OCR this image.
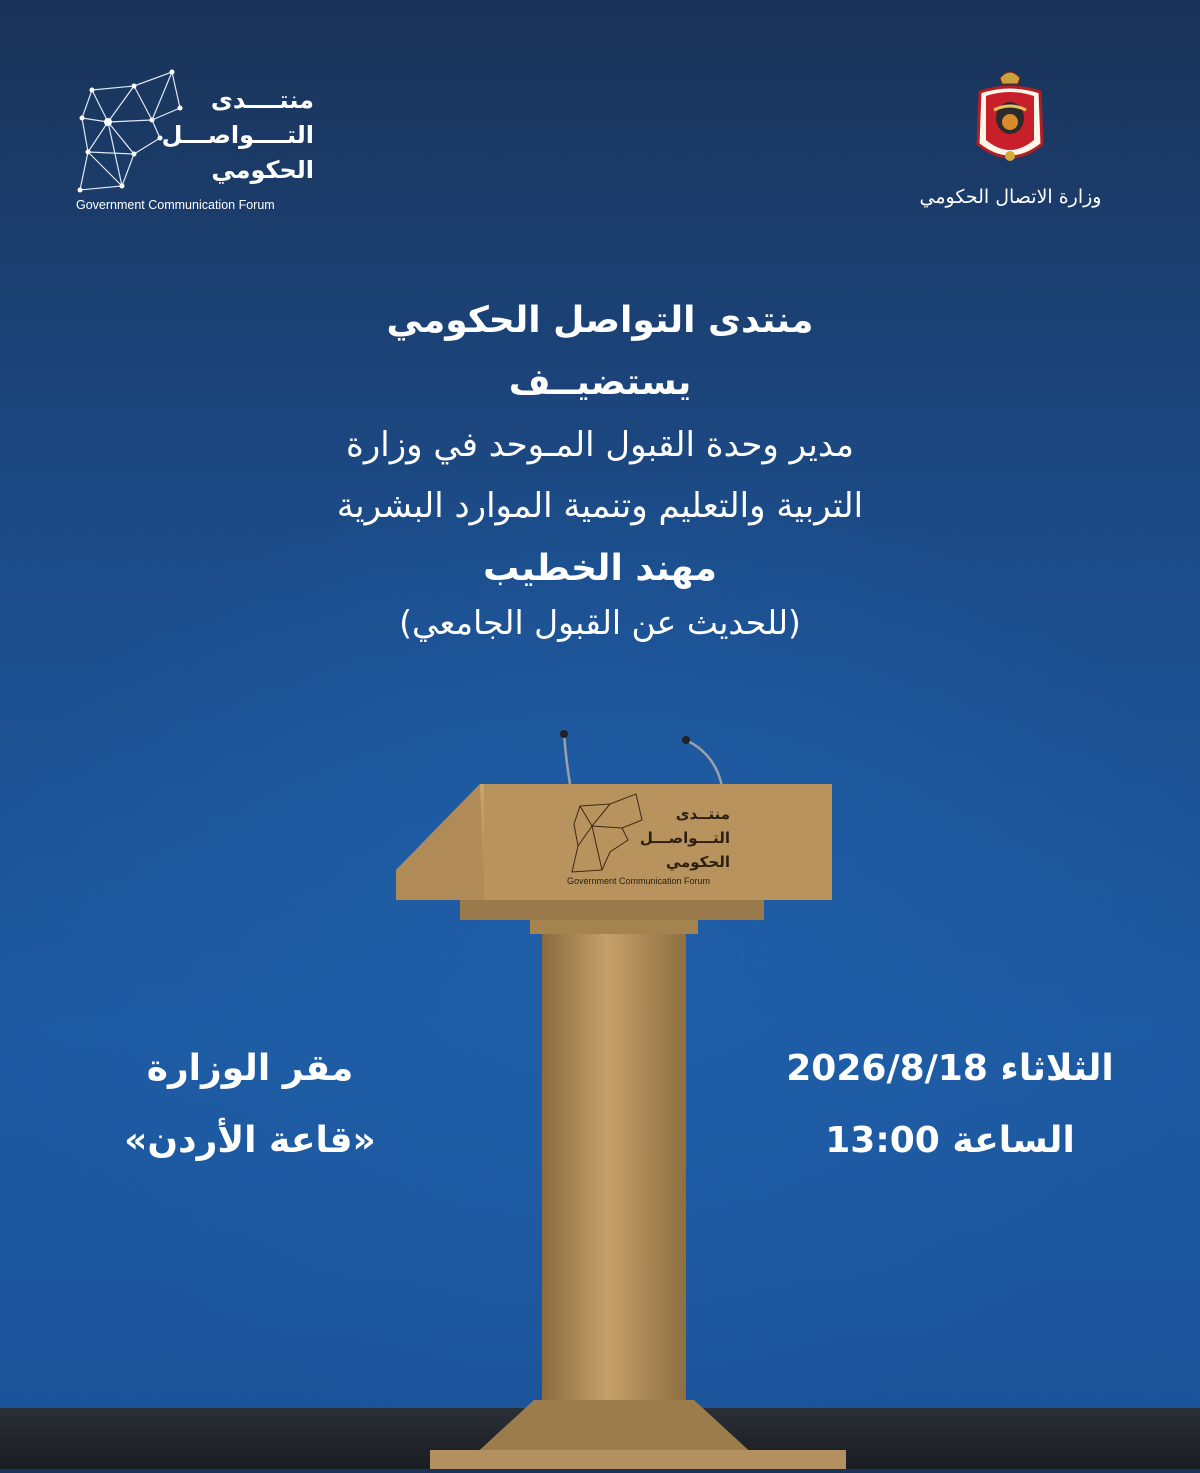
منتــــدى
التــــواصـــل
الحكومي
Government Communication Forum	وزارة الاتصال الحكومي
منتدى التواصل الحكومي
يستضيــف
مدير وحدة القبول المـوحد في وزارة
التربية والتعليم وتنمية الموارد البشرية
مهند الخطيب
(للحديث عن القبول الجامعي)
منتــدى
التـــواصـــل
الحكومي
Government Communication Forum
الثلاثاء 2026/8/18
الساعة 13:00
مقر الوزارة
«قاعة الأردن»
